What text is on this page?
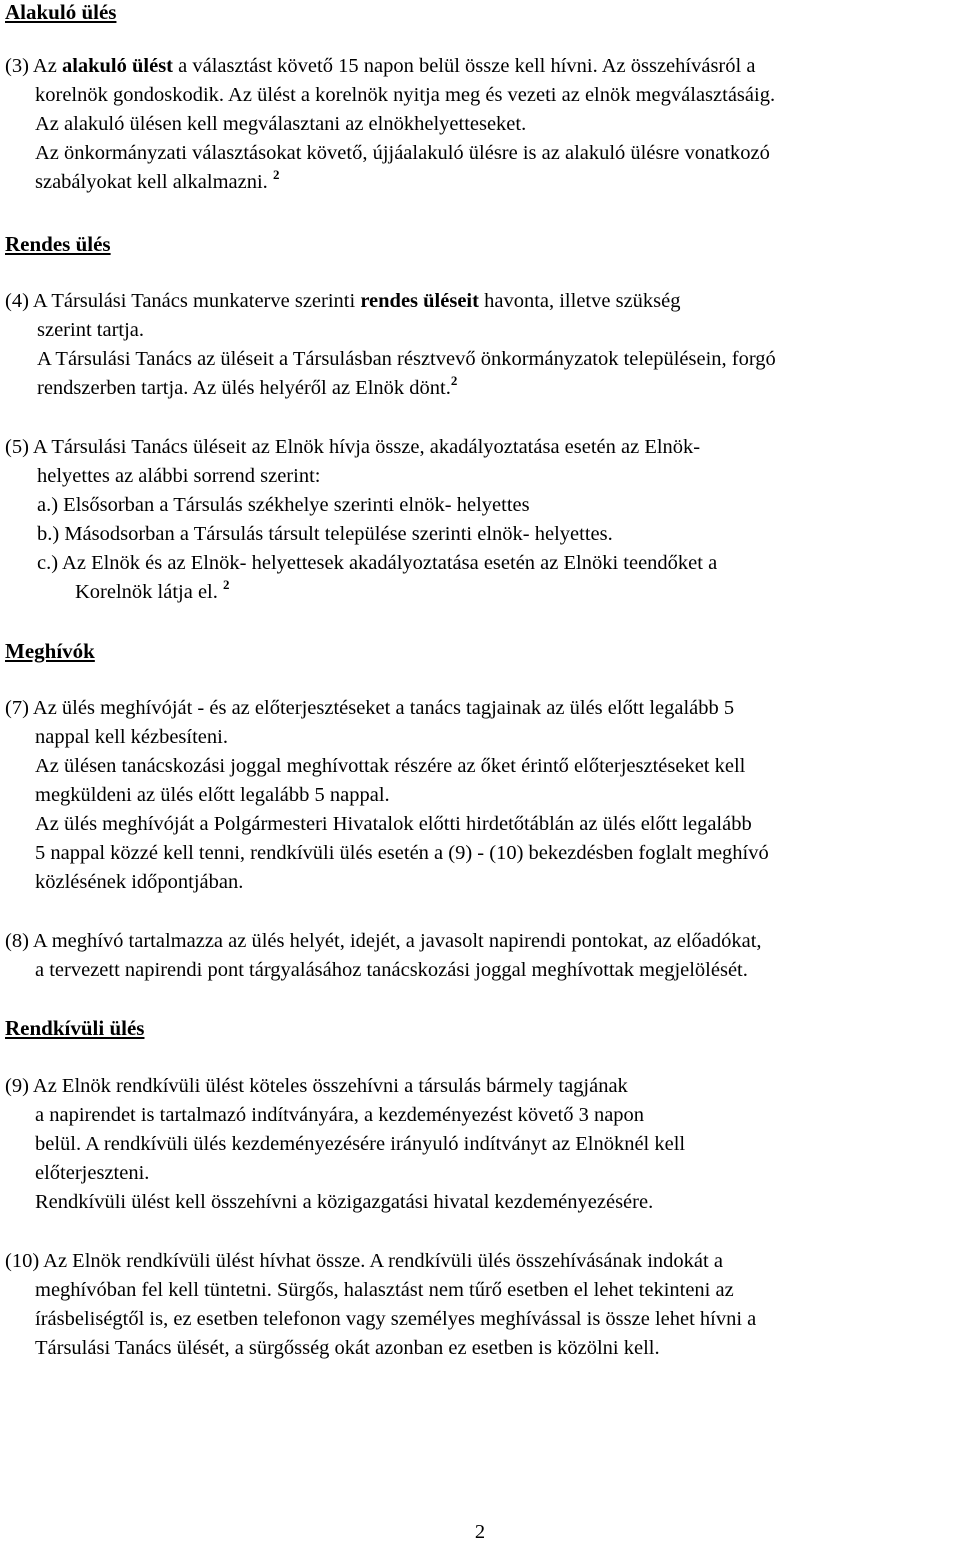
Alakuló ülés
(3) Az alakuló ülést a választást követő 15 napon belül össze kell hívni. Az összehívásról a
korelnök gondoskodik. Az ülést a korelnök nyitja meg és vezeti az elnök megválasztásáig.
Az alakuló ülésen kell megválasztani az elnökhelyetteseket.
Az önkormányzati választásokat követő, újjáalakuló ülésre is az alakuló ülésre vonatkozó
szabályokat kell alkalmazni. $^2$
Rendes ülés
(4) A Társulási Tanács munkaterve szerinti rendes üléseit havonta, illetve szükség
szerint tartja.
A Társulási Tanács az üléseit a Társulásban résztvevő önkormányzatok településein, forgó
rendszerben tartja. Az ülés helyéről az Elnök dönt.$^2$
(5) A Társulási Tanács üléseit az Elnök hívja össze, akadályoztatása esetén az Elnök-
helyettes az alábbi sorrend szerint:
a.) Elsősorban a Társulás székhelye szerinti elnök- helyettes
b.) Másodsorban a Társulás társult települése szerinti elnök- helyettes.
c.) Az Elnök és az Elnök- helyettesek akadályoztatása esetén az Elnöki teendőket a
Korelnök látja el. $^2$
Meghívók
(7) Az ülés meghívóját - és az előterjesztéseket a tanács tagjainak az ülés előtt legalább 5
nappal kell kézbesíteni.
Az ülésen tanácskozási joggal meghívottak részére az őket érintő előterjesztéseket kell
megküldeni az ülés előtt legalább 5 nappal.
Az ülés meghívóját a Polgármesteri Hivatalok előtti hirdetőtáblán az ülés előtt legalább
5 nappal közzé kell tenni, rendkívüli ülés esetén a (9) - (10) bekezdésben foglalt meghívó
közlésének időpontjában.
(8) A meghívó tartalmazza az ülés helyét, idejét, a javasolt napirendi pontokat, az előadókat,
a tervezett napirendi pont tárgyalásához tanácskozási joggal meghívottak megjelölését.
Rendkívüli ülés
(9) Az Elnök rendkívüli ülést köteles összehívni a társulás bármely tagjának
a napirendet is tartalmazó indítványára, a kezdeményezést követő 3 napon
belül. A rendkívüli ülés kezdeményezésére irányuló indítványt az Elnöknél kell
előterjeszteni.
Rendkívüli ülést kell összehívni a közigazgatási hivatal kezdeményezésére.
(10) Az Elnök rendkívüli ülést hívhat össze. A rendkívüli ülés összehívásának indokát a
meghívóban fel kell tüntetni. Sürgős, halasztást nem tűrő esetben el lehet tekinteni az
írásbeliségtől is, ez esetben telefonon vagy személyes meghívással is össze lehet hívni a
Társulási Tanács ülését, a sürgősség okát azonban ez esetben is közölni kell.
2
